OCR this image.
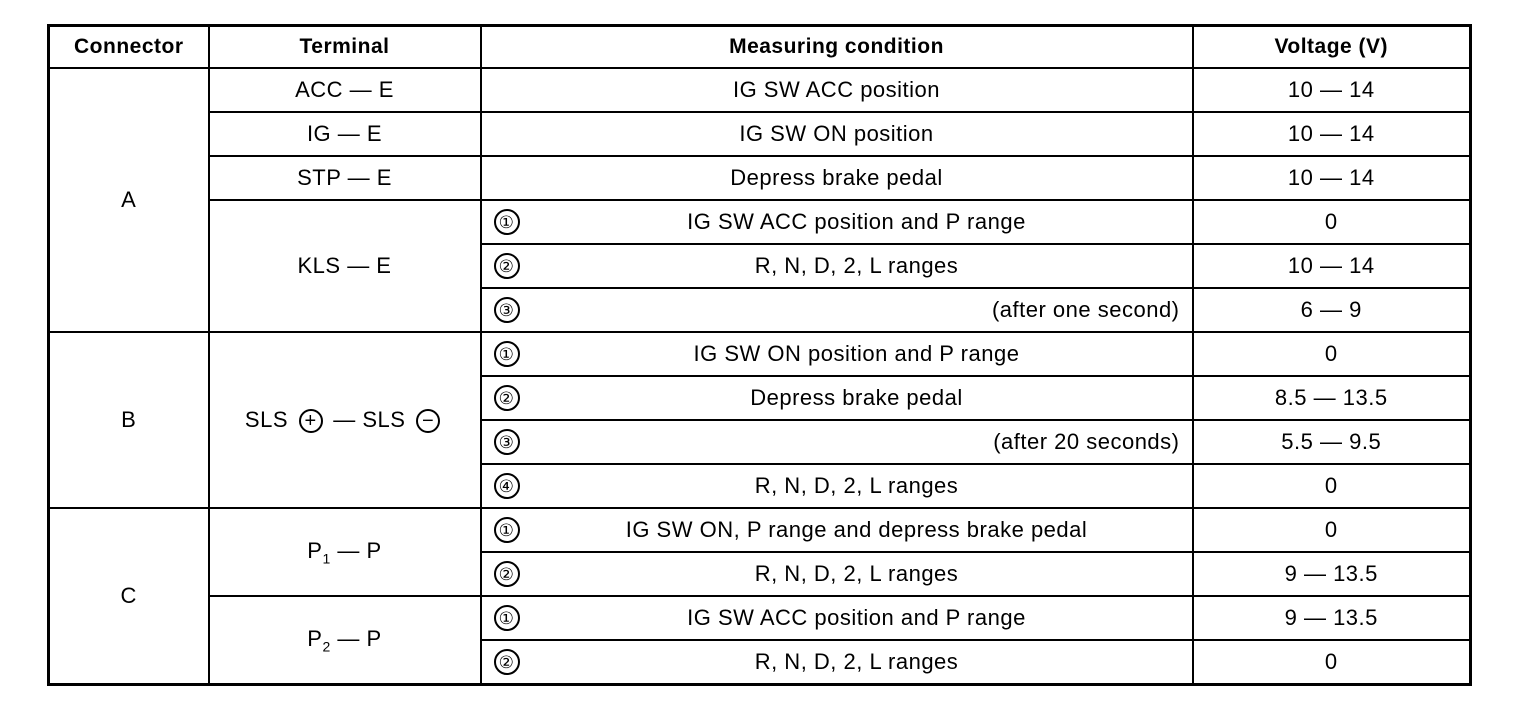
Connector	Terminal	Measuring condition	Voltage (V)
A	ACC — E	IG SW ACC position	10 — 14
	IG — E	IG SW ON position	10 — 14
	STP — E	Depress brake pedal	10 — 14
	KLS — E	① IG SW ACC position and P range	0

		② R, N, D, 2, L ranges	10 — 14

		③ (after one second)	6 — 9
B	SLS + — SLS −	① IG SW ON position and P range	0

		② Depress brake pedal	8.5 — 13.5

		③ (after 20 seconds)	5.5 — 9.5

		④ R, N, D, 2, L ranges	0
C	$P_1$ — P	① IG SW ON, P range and depress brake pedal	0

		② R, N, D, 2, L ranges	9 — 13.5
	$P_2$ — P	① IG SW ACC position and P range	9 — 13.5

		② R, N, D, 2, L ranges	0
